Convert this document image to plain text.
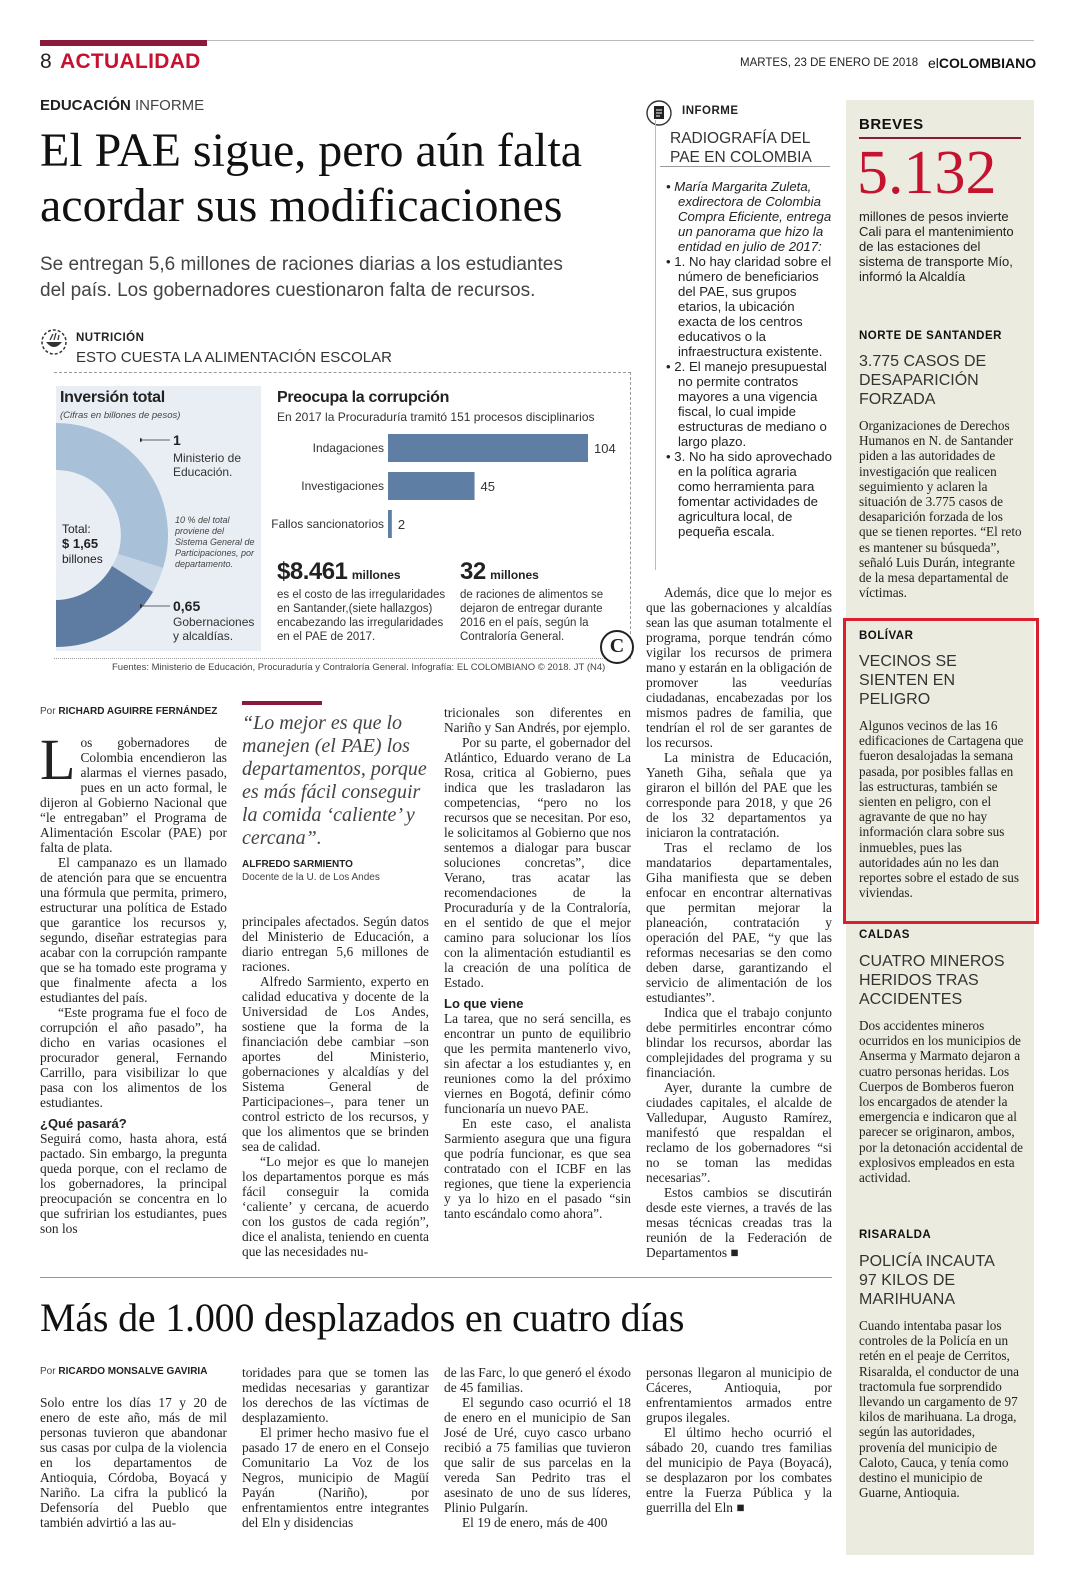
8 ACTUALIDAD	MARTES, 23 DE ENERO DE 2018 elCOLOMBIANO
EDUCACIÓN INFORME
El PAE sigue, pero aún falta
acordar sus modificaciones
Se entregan 5,6 millones de raciones diarias a los estudiantes
del país. Los gobernadores cuestionaron falta de recursos.
NUTRICIÓN
ESTO CUESTA LA ALIMENTACIÓN ESCOLAR
Inversión total
(Cifras en billones de pesos)
Total:
$ 1,65
billones
1
Ministerio de
Educación.
10 % del total proviene del Sistema General de Participaciones, por departamento.
0,65
Gobernaciones
y alcaldías.
Preocupa la corrupción
En 2017 la Procuraduría tramitó 151 procesos disciplinarios
Indagaciones	104
Investigaciones	45
Fallos sancionatorios 2
$8.461 millones
es el costo de las irregularidades en Santander,(siete hallazgos) encabezando las irregularidades en el PAE de 2017.
32 millones
de raciones de alimentos se dejaron de entregar durante 2016 en el país, según la Contraloría General.	C
Fuentes: Ministerio de Educación, Procuraduría y Contraloría General. Infografía: EL COLOMBIANO © 2018. JT (N4)
INFORME
RADIOGRAFÍA DEL
PAE EN COLOMBIA
• María Margarita Zuleta, exdirectora de Colombia Compra Eficiente, entrega un panorama que hizo la entidad en julio de 2017:
• 1. No hay claridad sobre el número de beneficiarios del PAE, sus grupos etarios, la ubicación exacta de los centros educativos o la infraestructura existente.
• 2. El manejo presupuestal no permite contratos mayores a una vigencia fiscal, lo cual impide estructuras de mediano o largo plazo.
• 3. No ha sido aprovechado en la política agraria como herramienta para fomentar actividades de agricultura local, de pequeña escala.
Por RICHARD AGUIRRE FERNÁNDEZ

Los gobernadores de Colombia encendieron las alarmas el viernes pasado, pues en un acto formal, le dijeron al Gobierno Nacional que “le entregaban” el Programa de Alimentación Escolar (PAE) por falta de plata.

El campanazo es un llamado de atención para que se encuentra una fórmula que permita, primero, estructurar una política de Estado que garantice los recursos y, segundo, diseñar estrategias para acabar con la corrupción rampante que se ha tomado este programa y que finalmente afecta a los estudiantes del país.

“Este programa fue el foco de corrupción el año pasado”, ha dicho en varias ocasiones el procurador general, Fernando Carrillo, para visibilizar lo que pasa con los alimentos de los estudiantes.

¿Qué pasará?

Seguirá como, hasta ahora, está pactado. Sin embargo, la pregunta queda porque, con el reclamo de los gobernadores, la principal preocupación se concentra en lo que sufririan los estudiantes, pues son los

“Lo mejor es que lo manejen (el PAE) los departamentos, porque es más fácil conseguir la comida ‘caliente’ y cercana”.
ALFREDO SARMIENTO
Docente de la U. de Los Andes

principales afectados. Según datos del Ministerio de Educación, a diario entregan 5,6 millones de raciones.

Alfredo Sarmiento, experto en calidad educativa y docente de la Universidad de Los Andes, sostiene que la forma de la financiación debe cambiar –son aportes del Ministerio, gobernaciones y alcaldías y del Sistema General de Participaciones–, para tener un control estricto de los recursos, y que los alimentos que se brinden sea de calidad.

“Lo mejor es que lo manejen los departamentos porque es más fácil conseguir la comida ‘caliente’ y cercana, de acuerdo con los gustos de cada región”, dice el analista, teniendo en cuenta que las necesidades nu-

tricionales son diferentes en Nariño y San Andrés, por ejemplo.

Por su parte, el gobernador del Atlántico, Eduardo verano de La Rosa, critica al Gobierno, pues indica que les trasladaron las competencias, “pero no los recursos que se necesitan. Por eso, le solicitamos al Gobierno que nos sentemos a dialogar para buscar soluciones concretas”, dice Verano, tras acatar las recomendaciones de la Procuraduría y de la Contraloría, en el sentido de que el mejor camino para solucionar los líos con la alimentación estudiantil es la creación de una política de Estado.

Lo que viene

La tarea, que no será sencilla, es encontrar un punto de equilibrio que les permita mantenerlo vivo, sin afectar a los estudiantes y, en reuniones como la del próximo viernes en Bogotá, definir cómo funcionaría un nuevo PAE.

En este caso, el analista Sarmiento asegura que una figura que podría funcionar, es que sea contratado con el ICBF en las regiones, que tiene la experiencia y ya lo hizo en el pasado “sin tanto escándalo como ahora”.

Además, dice que lo mejor es que las gobernaciones y alcaldías sean las que asuman totalmente el programa, porque tendrán cómo vigilar los recursos de primera mano y estarán en la obligación de promover las veedurías ciudadanas, encabezadas por los mismos padres de familia, que tendrían el rol de ser garantes de los recursos.

La ministra de Educación, Yaneth Giha, señala que ya giraron el billón del PAE que les corresponde para 2018, y que 26 de los 32 departamentos ya iniciaron la contratación.

Tras el reclamo de los mandatarios departamentales, Giha manifiesta que se deben enfocar en encontrar alternativas que permitan mejorar la planeación, contratación y operación del PAE, “y que las reformas necesarias se den como deben darse, garantizando el servicio de alimentación de los estudiantes”.

Indica que el trabajo conjunto debe permitirles encontrar cómo blindar los recursos, abordar las complejidades del programa y su financiación.

Ayer, durante la cumbre de ciudades capitales, el alcalde de Valledupar, Augusto Ramírez, manifestó que respaldan el reclamo de los gobernadores “si no se toman las medidas necesarias”.

Estos cambios se discutirán desde este viernes, a través de las mesas técnicas creadas tras la reunión de la Federación de Departamentos ■

BREVES
5.132
millones de pesos invierte Cali para el mantenimiento de las estaciones del sistema de transporte Mío, informó la Alcaldía
NORTE DE SANTANDER
3.775 CASOS DE DESAPARICIÓN FORZADA
Organizaciones de Derechos Humanos en N. de Santander piden a las autoridades de investigación que realicen seguimiento y aclaren la situación de 3.775 casos de desaparición forzada de los que se tienen reportes. “El reto es mantener su búsqueda”, señaló Luis Durán, integrante de la mesa departamental de víctimas.
BOLÍVAR
VECINOS SE SIENTEN EN PELIGRO
Algunos vecinos de las 16 edificaciones de Cartagena que fueron desalojadas la semana pasada, por posibles fallas en las estructuras, también se sienten en peligro, con el agravante de que no hay información clara sobre sus inmuebles, pues las autoridades aún no les dan reportes sobre el estado de sus viviendas.
CALDAS
CUATRO MINEROS HERIDOS TRAS ACCIDENTES
Dos accidentes mineros ocurridos en los municipios de Anserma y Marmato dejaron a cuatro personas heridas. Los Cuerpos de Bomberos fueron los encargados de atender la emergencia e indicaron que al parecer se originaron, ambos, por la detonación accidental de explosivos empleados en esta actividad.
RISARALDA
POLICÍA INCAUTA 97 KILOS DE MARIHUANA
Cuando intentaba pasar los controles de la Policía en un retén en el peaje de Cerritos, Risaralda, el conductor de una tractomula fue sorprendido llevando un cargamento de 97 kilos de marihuana. La droga, según las autoridades, provenía del municipio de Caloto, Cauca, y tenía como destino el municipio de Guarne, Antioquia.
Más de 1.000 desplazados en cuatro días
Por RICARDO MONSALVE GAVIRIA

Solo entre los días 17 y 20 de enero de este año, más de mil personas tuvieron que abandonar sus casas por culpa de la violencia en los departamentos de Antioquia, Córdoba, Boyacá y Nariño. La cifra la publicó la Defensoría del Pueblo que también advirtió a las au-

toridades para que se tomen las medidas necesarias y garantizar los derechos de las víctimas de desplazamiento.

El primer hecho masivo fue el pasado 17 de enero en el Consejo Comunitario La Voz de los Negros, municipio de Magüí Payán (Nariño), por enfrentamientos entre integrantes del Eln y disidencias

de las Farc, lo que generó el éxodo de 45 familias.

El segundo caso ocurrió el 18 de enero en el municipio de San José de Uré, cuyo casco urbano recibió a 75 familias que tuvieron que salir de sus parcelas en la vereda San Pedrito tras el asesinato de uno de sus líderes, Plinio Pulgarín.

El 19 de enero, más de 400

personas llegaron al municipio de Cáceres, Antioquia, por enfrentamientos armados entre grupos ilegales.

El último hecho ocurrió el sábado 20, cuando tres familias del municipio de Paya (Boyacá), se desplazaron por los combates entre la Fuerza Pública y la guerrilla del Eln ■
